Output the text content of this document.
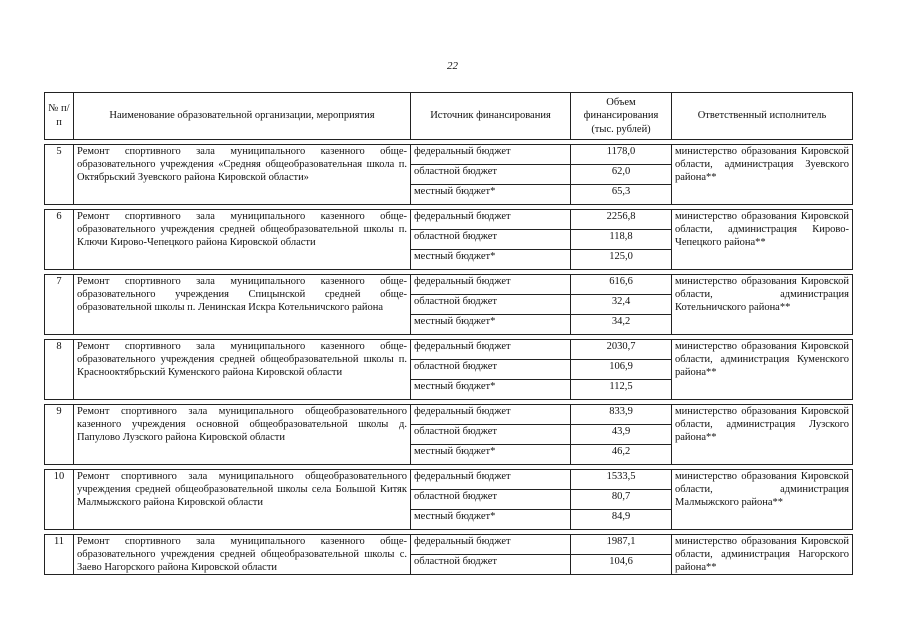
22
№ п/п	Наименование образовательной организации, мероприятия	Источник финансирования	Объем финансирования (тыс. рублей)	Ответственный исполнитель

5	Ремонт спортивного зала муниципального казенного общеобразовательного учреждения «Средняя общеобразовательная школа п. Октябрьский Зуевского района Кировской области»	федеральный бюджет	1178,0	министерство образования Кировской области, администрация Зуевского района**
		областной бюджет	62,0	
		местный бюджет*	65,3	

6	Ремонт спортивного зала муниципального казенного общеобразовательного учреждения средней общеобразовательной школы п. Ключи Кирово-Чепецкого района Кировской области	федеральный бюджет	2256,8	министерство образования Кировской области, администрация Кирово-Чепецкого района**
		областной бюджет	118,8	
		местный бюджет*	125,0	

7	Ремонт спортивного зала муниципального казенного общеобразовательного учреждения Спицынской средней общеобразовательной школы п. Ленинская Искра Котельничского района	федеральный бюджет	616,6	министерство образования Кировской области, администрация Котельничского района**
		областной бюджет	32,4	
		местный бюджет*	34,2	

8	Ремонт спортивного зала муниципального казенного общеобразовательного учреждения средней общеобразовательной школы п. Краснооктябрьский Куменского района Кировской области	федеральный бюджет	2030,7	министерство образования Кировской области, администрация Куменского района**
		областной бюджет	106,9	
		местный бюджет*	112,5	

9	Ремонт спортивного зала муниципального общеобразовательного казенного учреждения основной общеобразовательной школы д. Папулово Лузского района Кировской области	федеральный бюджет	833,9	министерство образования Кировской области, администрация Лузского района**
		областной бюджет	43,9	
		местный бюджет*	46,2	

10	Ремонт спортивного зала муниципального общеобразовательного учреждения средней общеобразовательной школы села Большой Китяк Малмыжского района Кировской области	федеральный бюджет	1533,5	министерство образования Кировской области, администрация Малмыжского района**
		областной бюджет	80,7	
		местный бюджет*	84,9	

11	Ремонт спортивного зала муниципального казенного общеобразовательного учреждения средней общеобразовательной школы с. Заево Нагорского района Кировской области	федеральный бюджет	1987,1	министерство образования Кировской области, администрация Нагорского района**
		областной бюджет	104,6	
